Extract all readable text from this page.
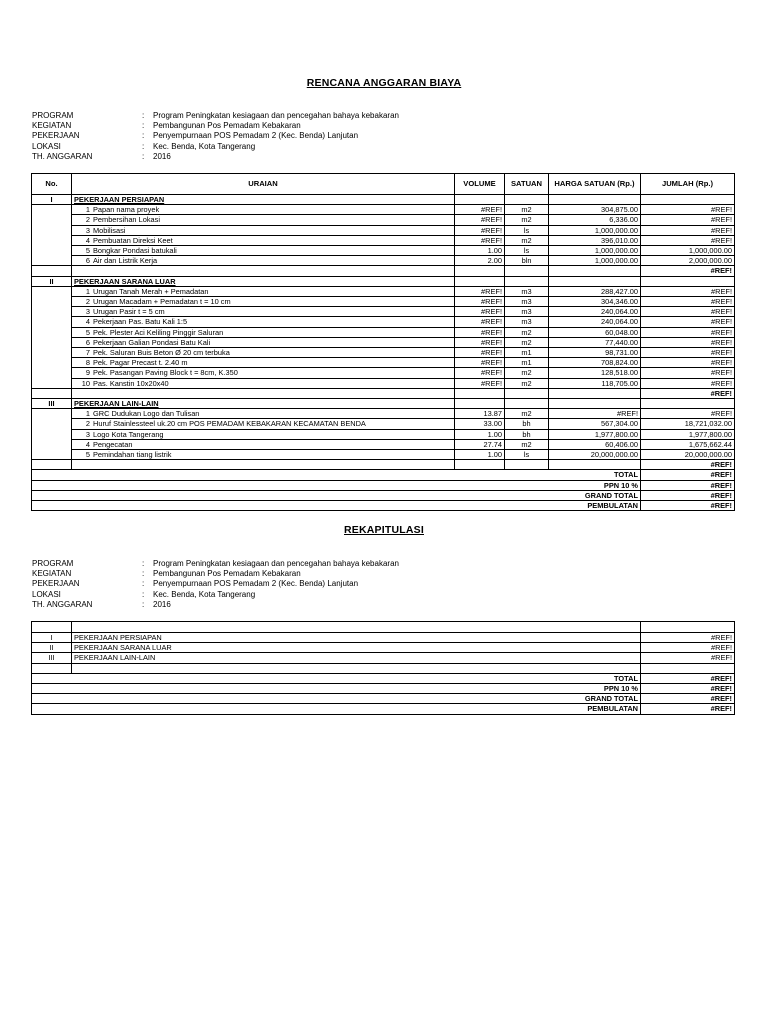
RENCANA ANGGARAN BIAYA
PROGRAM	: Program Peningkatan kesiagaan dan pencegahan bahaya kebakaran
KEGIATAN	: Pembangunan Pos Pemadam Kebakaran
PEKERJAAN	: Penyempurnaan POS Pemadam 2 (Kec. Benda) Lanjutan
LOKASI	: Kec. Benda, Kota Tangerang
TH. ANGGARAN	: 2016
No.	URAIAN	VOLUME	SATUAN	HARGA SATUAN (Rp.)	JUMLAH (Rp.)
I	PEKERJAAN PERSIAPAN				
	1 Papan nama proyek	#REF!	m2	304,875.00	#REF!
	2 Pembersihan Lokasi	#REF!	m2	6,336.00	#REF!
	3 Mobilisasi	#REF!	ls	1,000,000.00	#REF!
	4 Pembuatan Direksi Keet	#REF!	m2	396,010.00	#REF!
	5 Bongkar Pondasi batukali	1.00	ls	1,000,000.00	1,000,000.00
	6 Air dan Listrik Kerja	2.00	bln	1,000,000.00	2,000,000.00
					#REF!
II	PEKERJAAN SARANA LUAR				
	1 Urugan Tanah Merah + Pemadatan	#REF!	m3	288,427.00	#REF!
	2 Urugan Macadam + Pemadatan t = 10 cm	#REF!	m3	304,346.00	#REF!
	3 Urugan Pasir t = 5 cm	#REF!	m3	240,064.00	#REF!
	4 Pekerjaan Pas. Batu Kali 1:5	#REF!	m3	240,064.00	#REF!
	5 Pek. Plester Aci Keliling Pinggir Saluran	#REF!	m2	60,048.00	#REF!
	6 Pekerjaan Galian Pondasi Batu Kali	#REF!	m2	77,440.00	#REF!
	7 Pek. Saluran Buis Beton Ø 20 cm terbuka	#REF!	m1	98,731.00	#REF!
	8 Pek. Pagar Precast t. 2.40 m	#REF!	m1	708,824.00	#REF!
	9 Pek. Pasangan Paving Block t = 8cm, K.350	#REF!	m2	128,518.00	#REF!
	10 Pas. Kanstin 10x20x40	#REF!	m2	118,705.00	#REF!
					#REF!
III	PEKERJAAN LAIN-LAIN				
	1 GRC Dudukan Logo dan Tulisan	13.87	m2	#REF!	#REF!
	2 Huruf Stainlessteel uk.20 cm POS PEMADAM KEBAKARAN KECAMATAN BENDA	33.00	bh	567,304.00	18,721,032.00
	3 Logo Kota Tangerang	1.00	bh	1,977,800.00	1,977,800.00
	4 Pengecatan	27.74	m2	60,406.00	1,675,662.44
	5 Pemindahan tiang listrik	1.00	ls	20,000,000.00	20,000,000.00
					#REF!
TOTAL					#REF!
PPN 10 %					#REF!
GRAND TOTAL					#REF!
PEMBULATAN					#REF!
REKAPITULASI
PROGRAM	: Program Peningkatan kesiagaan dan pencegahan bahaya kebakaran
KEGIATAN	: Pembangunan Pos Pemadam Kebakaran
PEKERJAAN	: Penyempurnaan POS Pemadam 2 (Kec. Benda) Lanjutan
LOKASI	: Kec. Benda, Kota Tangerang
TH. ANGGARAN	: 2016

I	PEKERJAAN PERSIAPAN	#REF!
II	PEKERJAAN SARANA LUAR	#REF!
III	PEKERJAAN LAIN-LAIN	#REF!

TOTAL		#REF!
PPN 10 %		#REF!
GRAND TOTAL		#REF!
PEMBULATAN		#REF!
